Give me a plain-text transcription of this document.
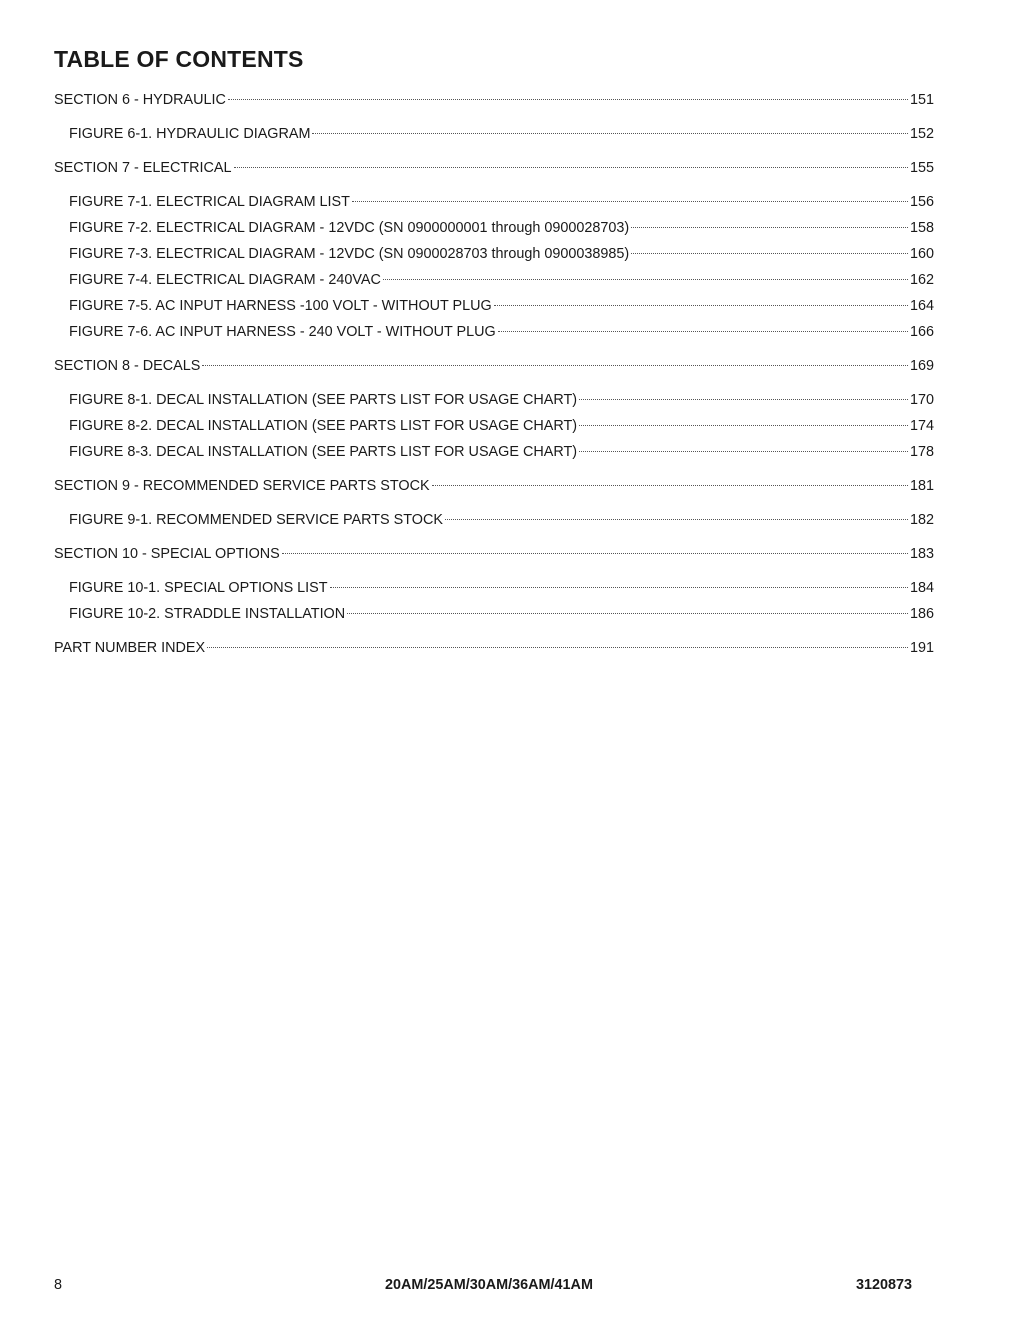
TABLE OF CONTENTS
SECTION 6 - HYDRAULIC	151
FIGURE 6-1. HYDRAULIC DIAGRAM	152
SECTION 7 - ELECTRICAL	155
FIGURE 7-1. ELECTRICAL DIAGRAM LIST	156
FIGURE 7-2. ELECTRICAL DIAGRAM - 12VDC (SN 0900000001 through 0900028703)	158
FIGURE 7-3. ELECTRICAL DIAGRAM - 12VDC (SN 0900028703 through 0900038985)	160
FIGURE 7-4. ELECTRICAL DIAGRAM - 240VAC	162
FIGURE 7-5. AC INPUT HARNESS -100 VOLT - WITHOUT PLUG	164
FIGURE 7-6. AC INPUT HARNESS - 240 VOLT - WITHOUT PLUG	166
SECTION 8 - DECALS	169
FIGURE 8-1. DECAL INSTALLATION (SEE PARTS LIST FOR USAGE CHART)	170
FIGURE 8-2. DECAL INSTALLATION (SEE PARTS LIST FOR USAGE CHART)	174
FIGURE 8-3. DECAL INSTALLATION (SEE PARTS LIST FOR USAGE CHART)	178
SECTION 9 - RECOMMENDED SERVICE PARTS STOCK	181
FIGURE 9-1. RECOMMENDED SERVICE PARTS STOCK	182
SECTION 10 - SPECIAL OPTIONS	183
FIGURE 10-1. SPECIAL OPTIONS LIST	184
FIGURE 10-2. STRADDLE INSTALLATION	186
PART NUMBER INDEX	191
8	20AM/25AM/30AM/36AM/41AM	3120873
